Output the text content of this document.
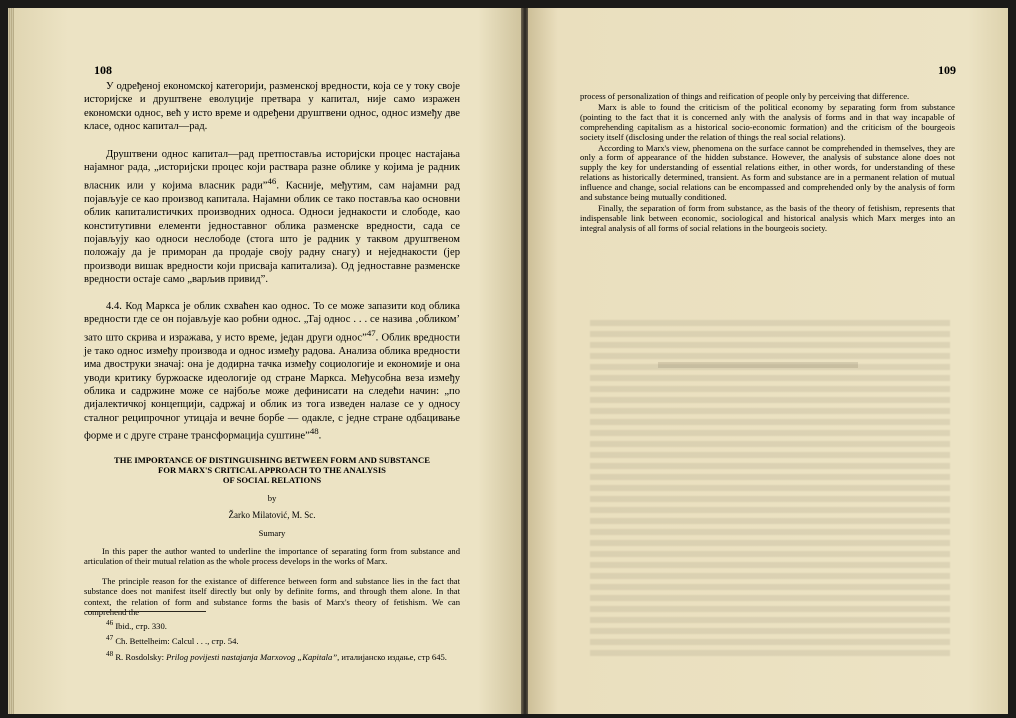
108

У одређеној економској категорији, разменској вредности, која се у току своје историјске и друштвене еволуције претвара у капитал, није само изражен економски однос, већ у исто време и одређени друштвени однос, однос између две класе, однос капитал—рад.

Друштвени однос капитал—рад претпоставља историјски процес настајања најамног рада, „историјски процес који раствара разне облике у којима је радник власник или у којима власник ради”$^{46}$. Касније, међутим, сам најамни рад појављује се као производ капитала. Најамни облик се тако поставља као основни облик капиталистичких производних односа. Односи једнакости и слободе, као конститутивни елементи једноставног облика разменске вредности, сада се појављују као односи неслободе (стога што је радник у таквом друштвеном положају да је приморан да продаје своју радну снагу) и неједнакости (јер производи вишак вредности који присваја капитализа). Од једноставне разменске вредности остаје само „варљив привид”.

4.4. Код Маркса је облик схваћен као однос. То се може запазити код облика вредности где се он појављује као робни однос. „Тај однос . . . се назива ‚обликом’ зато што скрива и изражава, у исто време, један други однос”$^{47}$. Облик вредности је тако однос између производа и однос између радова. Анализа облика вредности има двоструки значај: она је додирна тачка између социологије и економије и она уводи критику буржоаске идеологије од стране Маркса. Међусобна веза између облика и садржине може се најбоље може дефинисати на следећи начин: „по дијалектичкој концепцији, садржај и облик из тога изведен налазе се у односу сталног реципрочног утицаја и вечне борбе — одакле, с једне стране одбацивање форме и с друге стране трансформација суштине”$^{48}$.

THE IMPORTANCE OF DISTINGUISHING BETWEEN FORM AND SUBSTANCE
FOR MARX'S CRITICAL APPROACH TO THE ANALYSIS
OF SOCIAL RELATIONS
by
Žarko Milatović, M. Sc.
Sumary

In this paper the author wanted to underline the importance of separating form from substance and articulation of their mutual relation as the whole process develops in the works of Marx.

The principle reason for the existance of difference between form and substance lies in the fact that substance does not manifest itself directly but only by definite forms, and through them alone. In that context, the relation of form and substance forms the basis of Marx's theory of fetishism. We can comprehend the

$^{46}$ Ibid., стр. 330.
$^{47}$ Ch. Bettelheim: Calcul . . ., стр. 54.
$^{48}$ R. Rosdolsky: Prilog povijesti nastajanja Marxovog „Kapitala”, италијанско издање, стр 645.
109

process of personalization of things and reification of people only by perceiving that difference.

Marx is able to found the criticism of the political economy by separating form from substance (pointing to the fact that it is concerned anly with the analysis of forms and in that way incapable of comprehending capitalism as a historical socio-economic formation) and the criticism of the bourgeois society itself (disclosing under the relation of things the real social relations).

According to Marx's view, phenomena on the surface cannot be comprehended in themselves, they are only a form of appearance of the hidden substance. However, the analysis of substance alone does not supply the key for understanding of essential relations either, in other words, for understanding of these relations as historically determined, transient. As form and substance are in a permanent relation of mutual influence and change, social relations can be encompassed and comprehended only by the analysis of form and substance being mutually conditioned.

Finally, the separation of form from substance, as the basis of the theory of fetishism, represents that indispensable link between economic, sociological and historical analysis which Marx merges into an integral analysis of all forms of social relations in the bourgeois society.
